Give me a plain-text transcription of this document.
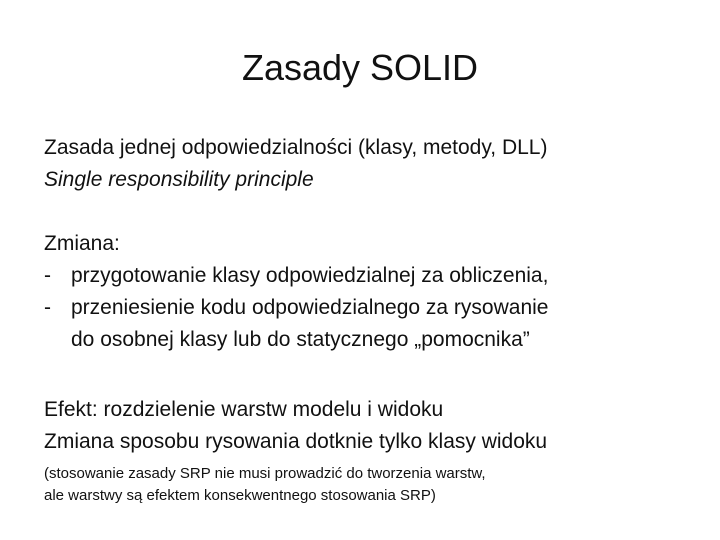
Zasady SOLID
Zasada jednej odpowiedzialności (klasy, metody, DLL)
Single responsibility principle
Zmiana:
- przygotowanie klasy odpowiedzialnej za obliczenia,
- przeniesienie kodu odpowiedzialnego za rysowanie
do osobnej klasy lub do statycznego „pomocnika”
Efekt: rozdzielenie warstw modelu i widoku
Zmiana sposobu rysowania dotknie tylko klasy widoku
(stosowanie zasady SRP nie musi prowadzić do tworzenia warstw,
ale warstwy są efektem konsekwentnego stosowania SRP)
